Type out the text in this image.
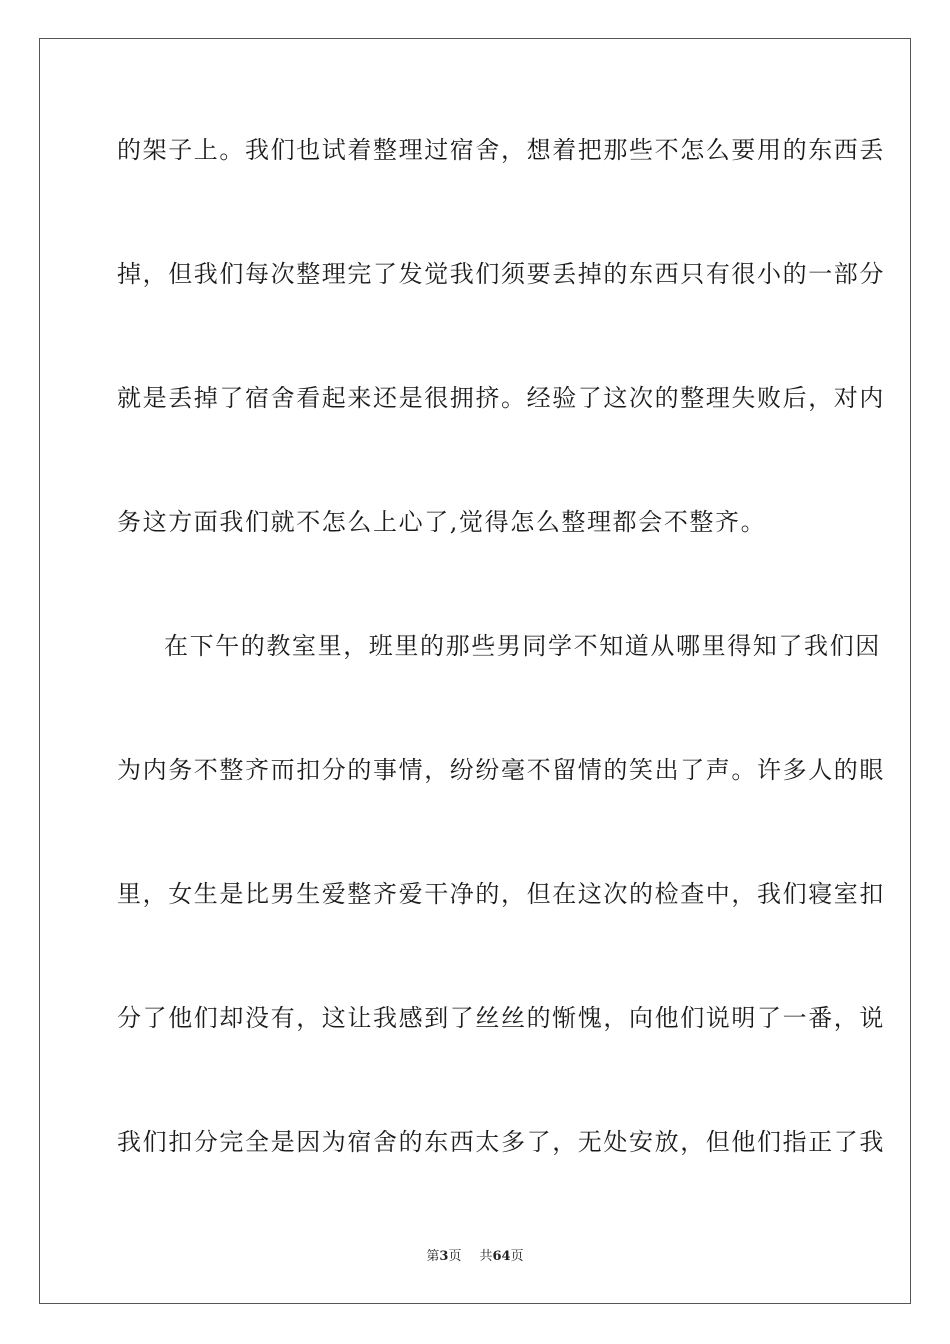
的架子上。我们也试着整理过宿舍，想着把那些不怎么要用的东西丢
掉，但我们每次整理完了发觉我们须要丢掉的东西只有很小的一部分
就是丢掉了宿舍看起来还是很拥挤。经验了这次的整理失败后，对内
务这方面我们就不怎么上心了,觉得怎么整理都会不整齐。
在下午的教室里，班里的那些男同学不知道从哪里得知了我们因
为内务不整齐而扣分的事情，纷纷毫不留情的笑出了声。许多人的眼
里，女生是比男生爱整齐爱干净的，但在这次的检查中，我们寝室扣
分了他们却没有，这让我感到了丝丝的惭愧，向他们说明了一番，说
我们扣分完全是因为宿舍的东西太多了，无处安放，但他们指正了我
第3页 共64页
